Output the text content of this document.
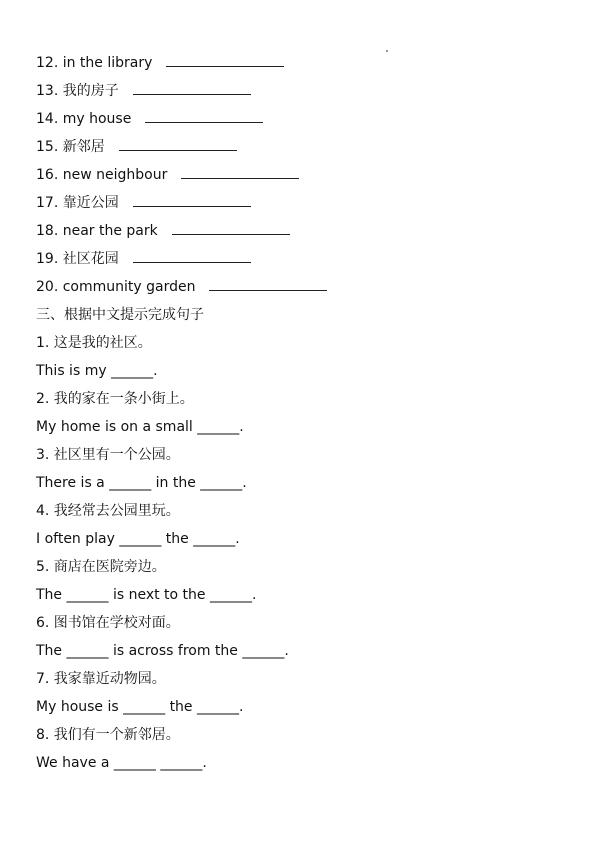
12. in the library
13. 我的房子
14. my house
15. 新邻居
16. new neighbour
17. 靠近公园
18. near the park
19. 社区花园
20. community garden
三、根据中文提示完成句子
1. 这是我的社区。
This is my ______.
2. 我的家在一条小街上。
My home is on a small ______.
3. 社区里有一个公园。
There is a ______ in the ______.
4. 我经常去公园里玩。
I often play ______ the ______.
5. 商店在医院旁边。
The ______ is next to the ______.
6. 图书馆在学校对面。
The ______ is across from the ______.
7. 我家靠近动物园。
My house is ______ the ______.
8. 我们有一个新邻居。
We have a ______ ______.
